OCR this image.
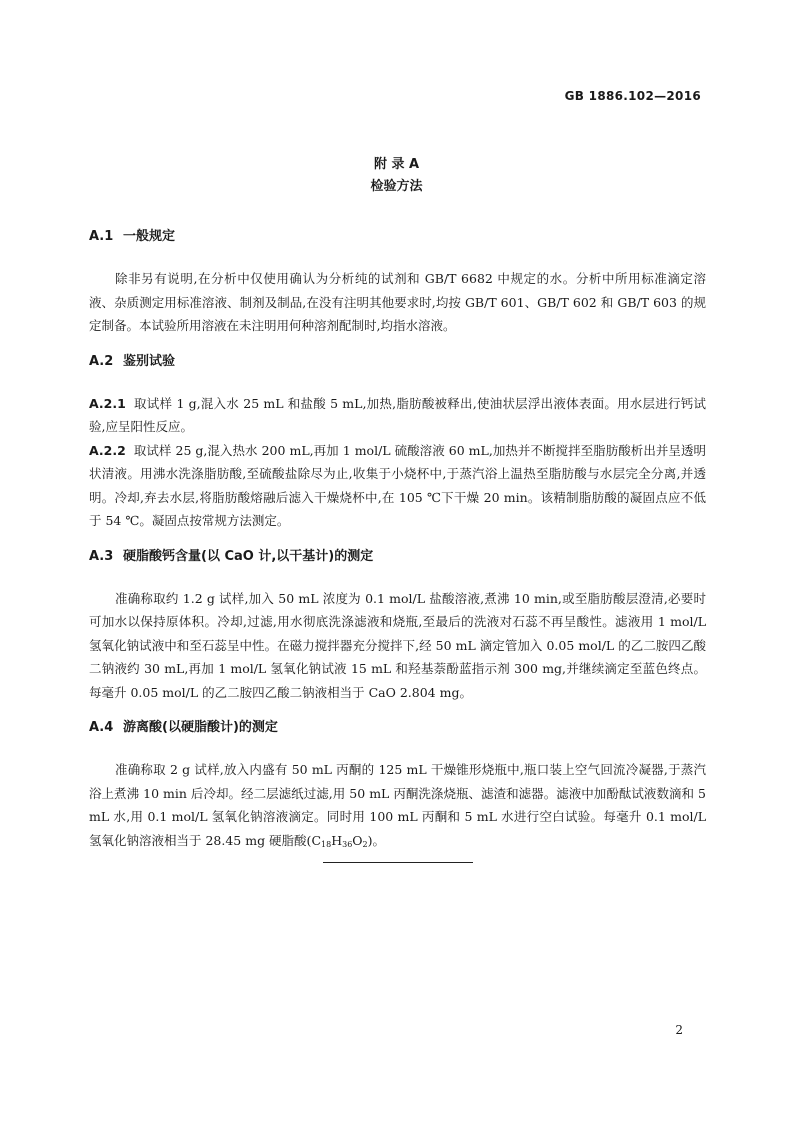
GB 1886.102—2016
附 录 A
检验方法

A.1 一般规定

除非另有说明,在分析中仅使用确认为分析纯的试剂和 GB/T 6682 中规定的水。分析中所用标准滴定溶液、杂质测定用标准溶液、制剂及制品,在没有注明其他要求时,均按 GB/T 601、GB/T 602 和 GB/T 603 的规定制备。本试验所用溶液在未注明用何种溶剂配制时,均指水溶液。

A.2 鉴别试验

A.2.1 取试样 1 g,混入水 25 mL 和盐酸 5 mL,加热,脂肪酸被释出,使油状层浮出液体表面。用水层进行钙试验,应呈阳性反应。

A.2.2 取试样 25 g,混入热水 200 mL,再加 1 mol/L 硫酸溶液 60 mL,加热并不断搅拌至脂肪酸析出并呈透明状清液。用沸水洗涤脂肪酸,至硫酸盐除尽为止,收集于小烧杯中,于蒸汽浴上温热至脂肪酸与水层完全分离,并透明。冷却,弃去水层,将脂肪酸熔融后滤入干燥烧杯中,在 105 ℃下干燥 20 min。该精制脂肪酸的凝固点应不低于 54 ℃。凝固点按常规方法测定。

A.3 硬脂酸钙含量(以 CaO 计,以干基计)的测定

准确称取约 1.2 g 试样,加入 50 mL 浓度为 0.1 mol/L 盐酸溶液,煮沸 10 min,或至脂肪酸层澄清,必要时可加水以保持原体积。冷却,过滤,用水彻底洗涤滤液和烧瓶,至最后的洗液对石蕊不再呈酸性。滤液用 1 mol/L 氢氧化钠试液中和至石蕊呈中性。在磁力搅拌器充分搅拌下,经 50 mL 滴定管加入 0.05 mol/L 的乙二胺四乙酸二钠液约 30 mL,再加 1 mol/L 氢氧化钠试液 15 mL 和羟基萘酚蓝指示剂 300 mg,并继续滴定至蓝色终点。每毫升 0.05 mol/L 的乙二胺四乙酸二钠液相当于 CaO 2.804 mg。

A.4 游离酸(以硬脂酸计)的测定

准确称取 2 g 试样,放入内盛有 50 mL 丙酮的 125 mL 干燥锥形烧瓶中,瓶口装上空气回流冷凝器,于蒸汽浴上煮沸 10 min 后冷却。经二层滤纸过滤,用 50 mL 丙酮洗涤烧瓶、滤渣和滤器。滤液中加酚酞试液数滴和 5 mL 水,用 0.1 mol/L 氢氧化钠溶液滴定。同时用 100 mL 丙酮和 5 mL 水进行空白试验。每毫升 0.1 mol/L 氢氧化钠溶液相当于 28.45 mg 硬脂酸$(C_{18}H_{36}O_2)$。

2
